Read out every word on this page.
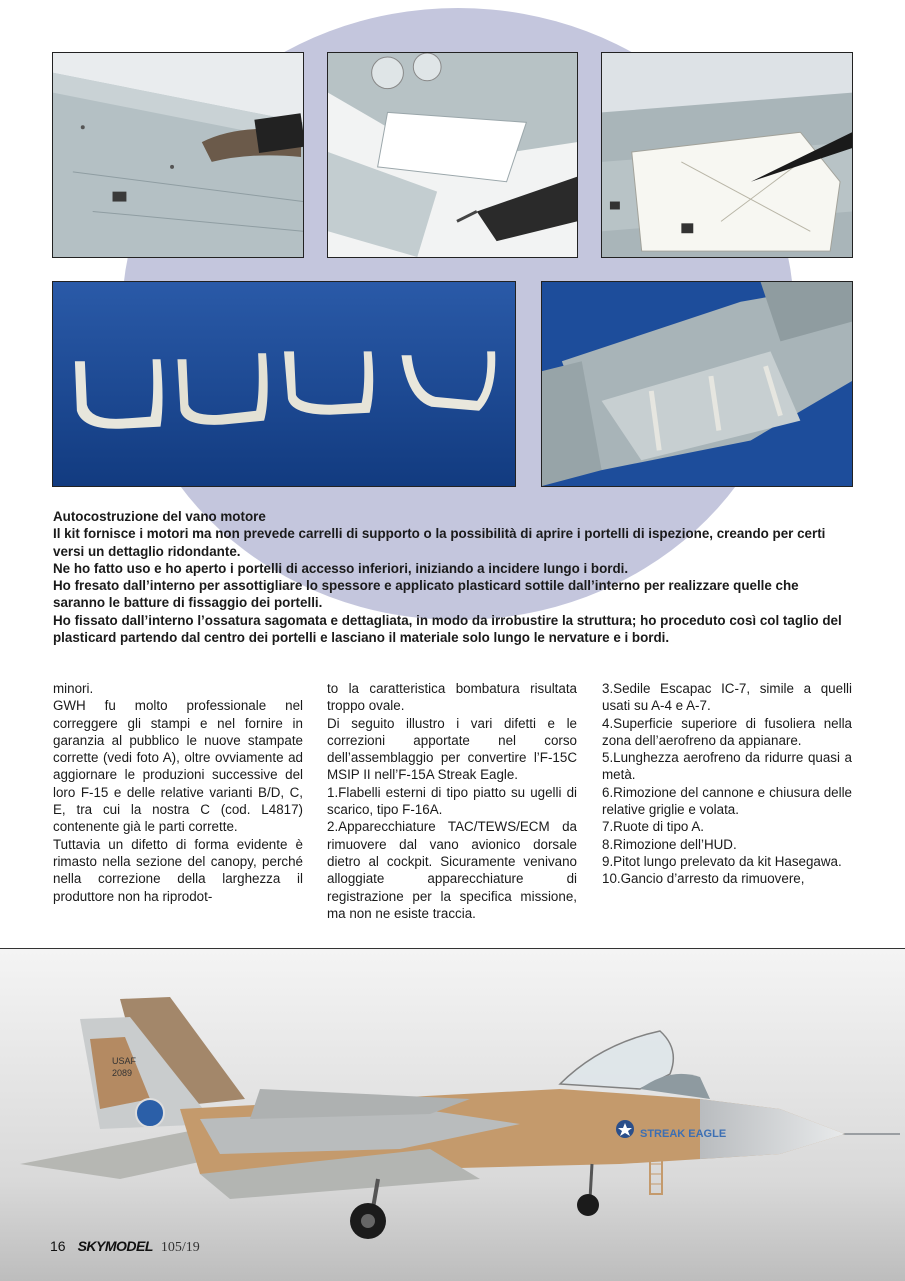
Autocostruzione del vano motore

Il kit fornisce i motori ma non prevede carrelli di supporto o la possibilità di aprire i portelli di ispezione, creando per certi versi un dettaglio ridondante.

Ne ho fatto uso e ho aperto i portelli di accesso inferiori, iniziando a incidere lungo i bordi.

Ho fresato dall’interno per assottigliare lo spessore e applicato plasticard sottile dall’interno per realizzare quelle che saranno le batture di fissaggio dei portelli.

Ho fissato dall’interno l’ossatura sagomata e dettagliata, in modo da irrobustire la struttura; ho proceduto così col taglio del plasticard partendo dal centro dei portelli e lasciano il materiale solo lungo le nervature e i bordi.

minori.

GWH fu molto professionale nel correggere gli stampi e nel fornire in garanzia al pubblico le nuove stampate corrette (vedi foto A), oltre ovviamente ad aggiornare le produzioni successive del loro F-15 e delle relative varianti B/D, C, E, tra cui la nostra C (cod. L4817) contenente già le parti corrette.

Tuttavia un difetto di forma evidente è rimasto nella sezione del canopy, perché nella correzione della larghezza il produttore non ha riprodot-

to la caratteristica bombatura risultata troppo ovale.

Di seguito illustro i vari difetti e le correzioni apportate nel corso dell’assemblaggio per convertire l’F-15C MSIP II nell’F-15A Streak Eagle.

1.Flabelli esterni di tipo piatto su ugelli di scarico, tipo F-16A.

2.Apparecchiature TAC/TEWS/ECM da rimuovere dal vano avionico dorsale dietro al cockpit. Sicuramente venivano alloggiate apparecchiature di registrazione per la specifica missione, ma non ne esiste traccia.

3.Sedile Escapac IC-7, simile a quelli usati su A-4 e A-7.

4.Superficie superiore di fusoliera nella zona dell’aerofreno da appianare.

5.Lunghezza aerofreno da ridurre quasi a metà.

6.Rimozione del cannone e chiusura delle relative griglie e volata.

7.Ruote di tipo A.

8.Rimozione dell’HUD.

9.Pitot lungo prelevato da kit Hasegawa.

10.Gancio d’arresto da rimuovere,

USAF
2089
STREAK EAGLE
16 SKYMODEL 105/19
